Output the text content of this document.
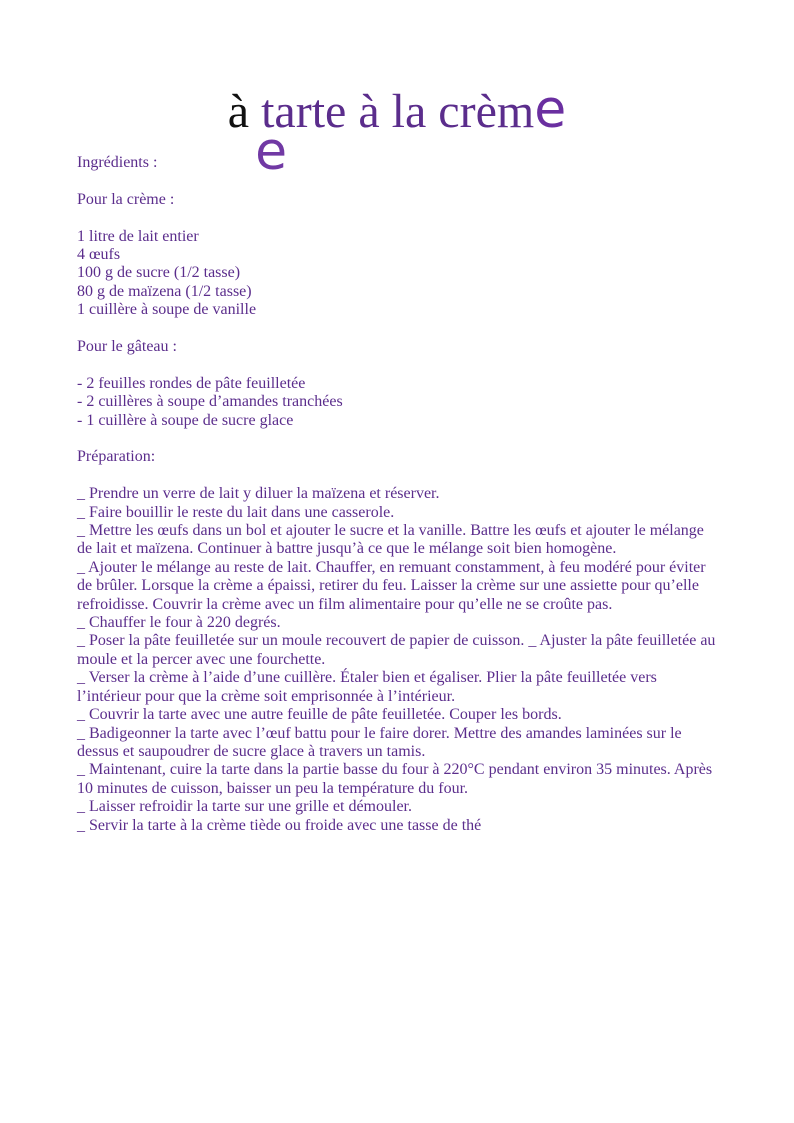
à
e
tarte à la crème

Ingrédients :

Pour la crème :

1 litre de lait entier

4 œufs

100 g de sucre (1/2 tasse)

80 g de maïzena (1/2 tasse)

1 cuillère à soupe de vanille

Pour le gâteau :

- 2 feuilles rondes de pâte feuilletée

- 2 cuillères à soupe d’amandes tranchées

- 1 cuillère à soupe de sucre glace

Préparation:

_ Prendre un verre de lait y diluer la maïzena et réserver.

_ Faire bouillir le reste du lait dans une casserole.

_ Mettre les œufs dans un bol et ajouter le sucre et la vanille. Battre les œufs et ajouter le mélange de lait et maïzena. Continuer à battre jusqu’à ce que le mélange soit bien homogène.

_ Ajouter le mélange au reste de lait. Chauffer, en remuant constamment, à feu modéré pour éviter de brûler. Lorsque la crème a épaissi, retirer du feu. Laisser la crème sur une assiette pour qu’elle refroidisse. Couvrir la crème avec un film alimentaire pour qu’elle ne se croûte pas.

_ Chauffer le four à 220 degrés.

_ Poser la pâte feuilletée sur un moule recouvert de papier de cuisson. _ Ajuster la pâte feuilletée au moule et la percer avec une fourchette.

_ Verser la crème à l’aide d’une cuillère. Étaler bien et égaliser. Plier la pâte feuilletée vers l’intérieur pour que la crème soit emprisonnée à l’intérieur.

_ Couvrir la tarte avec une autre feuille de pâte feuilletée. Couper les bords.

_ Badigeonner la tarte avec l’œuf battu pour le faire dorer. Mettre des amandes laminées sur le dessus et saupoudrer de sucre glace à travers un tamis.

_ Maintenant, cuire la tarte dans la partie basse du four à 220°C pendant environ 35 minutes. Après 10 minutes de cuisson, baisser un peu la température du four.

_ Laisser refroidir la tarte sur une grille et démouler.

_ Servir la tarte à la crème tiède ou froide avec une tasse de thé
